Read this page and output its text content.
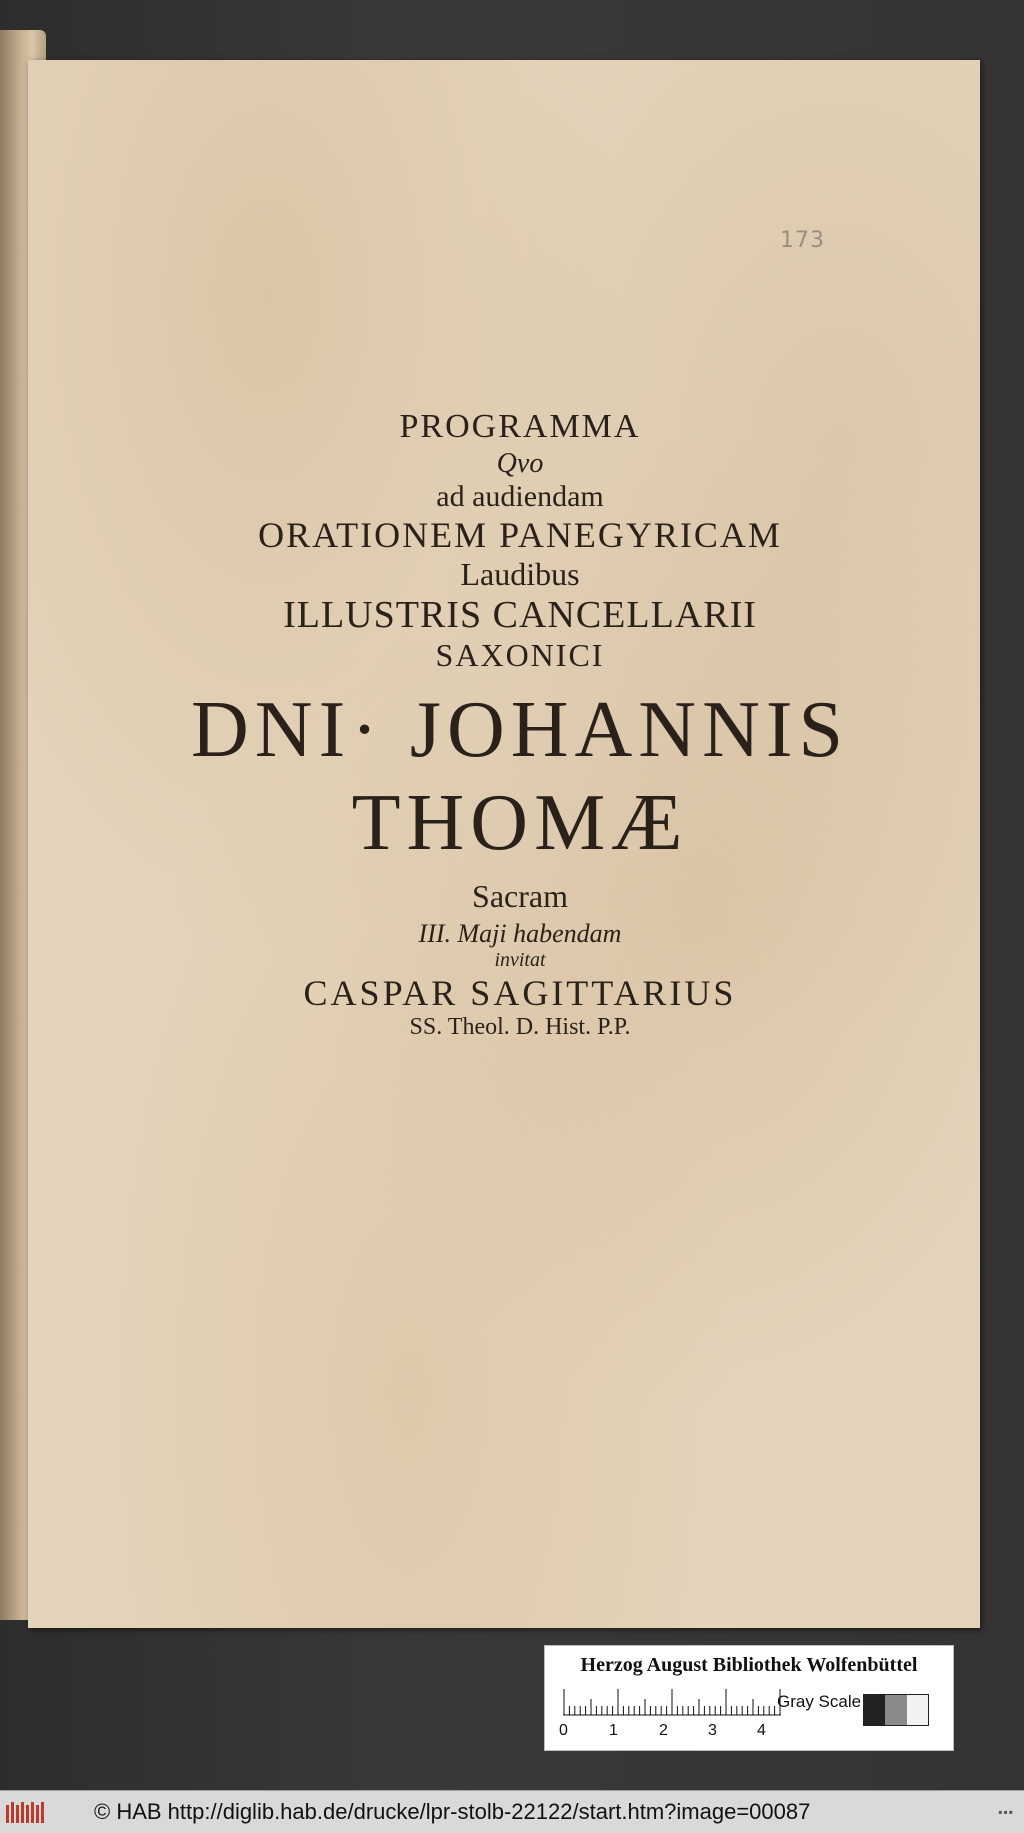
173
PROGRAMMA
Qvo
ad audiendam
ORATIONEM PANEGYRICAM
Laudibus
ILLUSTRIS CANCELLARII
SAXONICI
DNI· JOHANNIS
THOMÆ
Sacram
III. Maji habendam
invitat
CASPAR SAGITTARIUS
SS. Theol. D. Hist. P.P.
Herzog August Bibliothek Wolfenbüttel
0	1	2	3	4
Gray Scale
© HAB http://diglib.hab.de/drucke/lpr-stolb-22122/start.htm?image=00087	▪▪▪
